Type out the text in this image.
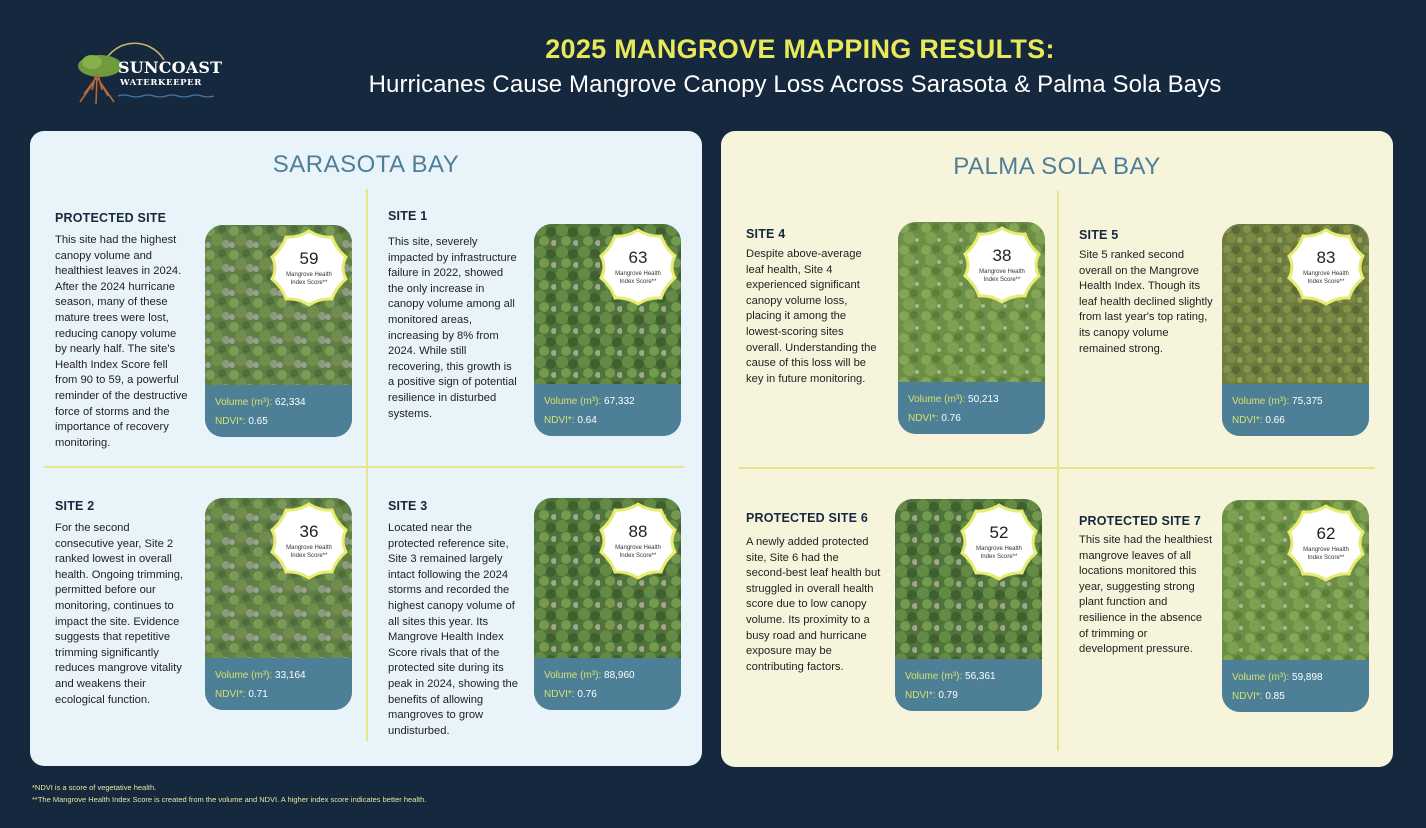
SUNCOAST
WATERKEEPER
2025 MANGROVE MAPPING RESULTS:
Hurricanes Cause Mangrove Canopy Loss Across Sarasota & Palma Sola Bays
SARASOTA BAY
PROTECTED SITE

This site had the highest canopy volume and healthiest leaves in 2024. After the 2024 hurricane season, many of these mature trees were lost, reducing canopy volume by nearly half. The site's Health Index Score fell from 90 to 59, a powerful reminder of the destructive force of storms and the importance of recovery monitoring.

59
Mangrove Health
Index Score**
Volume (m³): 62,334
NDVI*: 0.65
SITE 1

This site, severely impacted by infrastructure failure in 2022, showed the only increase in canopy volume among all monitored areas, increasing by 8% from 2024. While still recovering, this growth is a positive sign of potential resilience in disturbed systems.

63
Mangrove Health
Index Score**
Volume (m³): 67,332
NDVI*: 0.64
SITE 2

For the second consecutive year, Site 2 ranked lowest in overall health. Ongoing trimming, permitted before our monitoring, continues to impact the site. Evidence suggests that repetitive trimming significantly reduces mangrove vitality and weakens their ecological function.

36
Mangrove Health
Index Score**
Volume (m³): 33,164
NDVI*: 0.71
SITE 3

Located near the protected reference site, Site 3 remained largely intact following the 2024 storms and recorded the highest canopy volume of all sites this year. Its Mangrove Health Index Score rivals that of the protected site during its peak in 2024, showing the benefits of allowing mangroves to grow undisturbed.

88
Mangrove Health
Index Score**
Volume (m³): 88,960
NDVI*: 0.76
PALMA SOLA BAY
SITE 4

Despite above-average leaf health, Site 4 experienced significant canopy volume loss, placing it among the lowest-scoring sites overall. Understanding the cause of this loss will be key in future monitoring.

38
Mangrove Health
Index Score**
Volume (m³): 50,213
NDVI*: 0.76
SITE 5

Site 5 ranked second overall on the Mangrove Health Index. Though its leaf health declined slightly from last year's top rating, its canopy volume remained strong.

83
Mangrove Health
Index Score**
Volume (m³): 75,375
NDVI*: 0.66
PROTECTED SITE 6

A newly added protected site, Site 6 had the second-best leaf health but struggled in overall health score due to low canopy volume. Its proximity to a busy road and hurricane exposure may be contributing factors.

52
Mangrove Health
Index Score**
Volume (m³): 56,361
NDVI*: 0.79
PROTECTED SITE 7

This site had the healthiest mangrove leaves of all locations monitored this year, suggesting strong plant function and resilience in the absence of trimming or development pressure.

62
Mangrove Health
Index Score**
Volume (m³): 59,898
NDVI*: 0.85
*NDVI is a score of vegetative health.
**The Mangrove Health Index Score is created from the volume and NDVI. A higher index score indicates better health.
